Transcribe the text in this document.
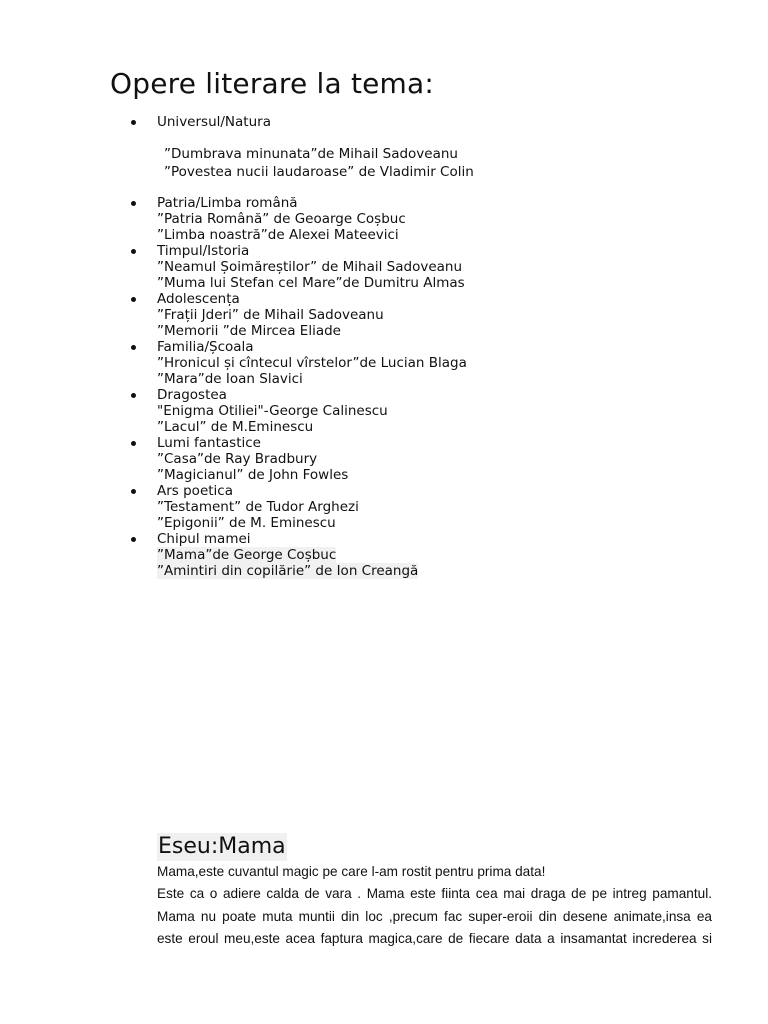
Opere literare la tema:
Universul/Natura
”Dumbrava minunata”de Mihail Sadoveanu
”Povestea nucii laudaroase” de Vladimir Colin
Patria/Limba română
”Patria Română” de Geoarge Coșbuc
”Limba noastră”de Alexei Mateevici
Timpul/Istoria
”Neamul Șoimăreștilor” de Mihail Sadoveanu
”Muma lui Stefan cel Mare”de Dumitru Almas
Adolescența
”Frații Jderi” de Mihail Sadoveanu
”Memorii ”de Mircea Eliade
Familia/Școala
”Hronicul și cîntecul vîrstelor”de Lucian Blaga
”Mara”de Ioan Slavici
Dragostea
"Enigma Otiliei"-George Calinescu
”Lacul” de M.Eminescu
Lumi fantastice
”Casa”de Ray Bradbury
”Magicianul” de John Fowles
Ars poetica
”Testament” de Tudor Arghezi
”Epigonii” de M. Eminescu
Chipul mamei
”Mama”de George Coșbuc
”Amintiri din copilărie” de Ion Creangă
Eseu:Mama
Mama,este cuvantul magic pe care l-am rostit pentru prima data!
Este ca o adiere calda de vara . Mama este fiinta cea mai draga de pe intreg pamantul.
Mama nu poate muta muntii din loc ,precum fac super-eroii din desene animate,insa ea
este eroul meu,este acea faptura magica,care de fiecare data a insamantat increderea si
